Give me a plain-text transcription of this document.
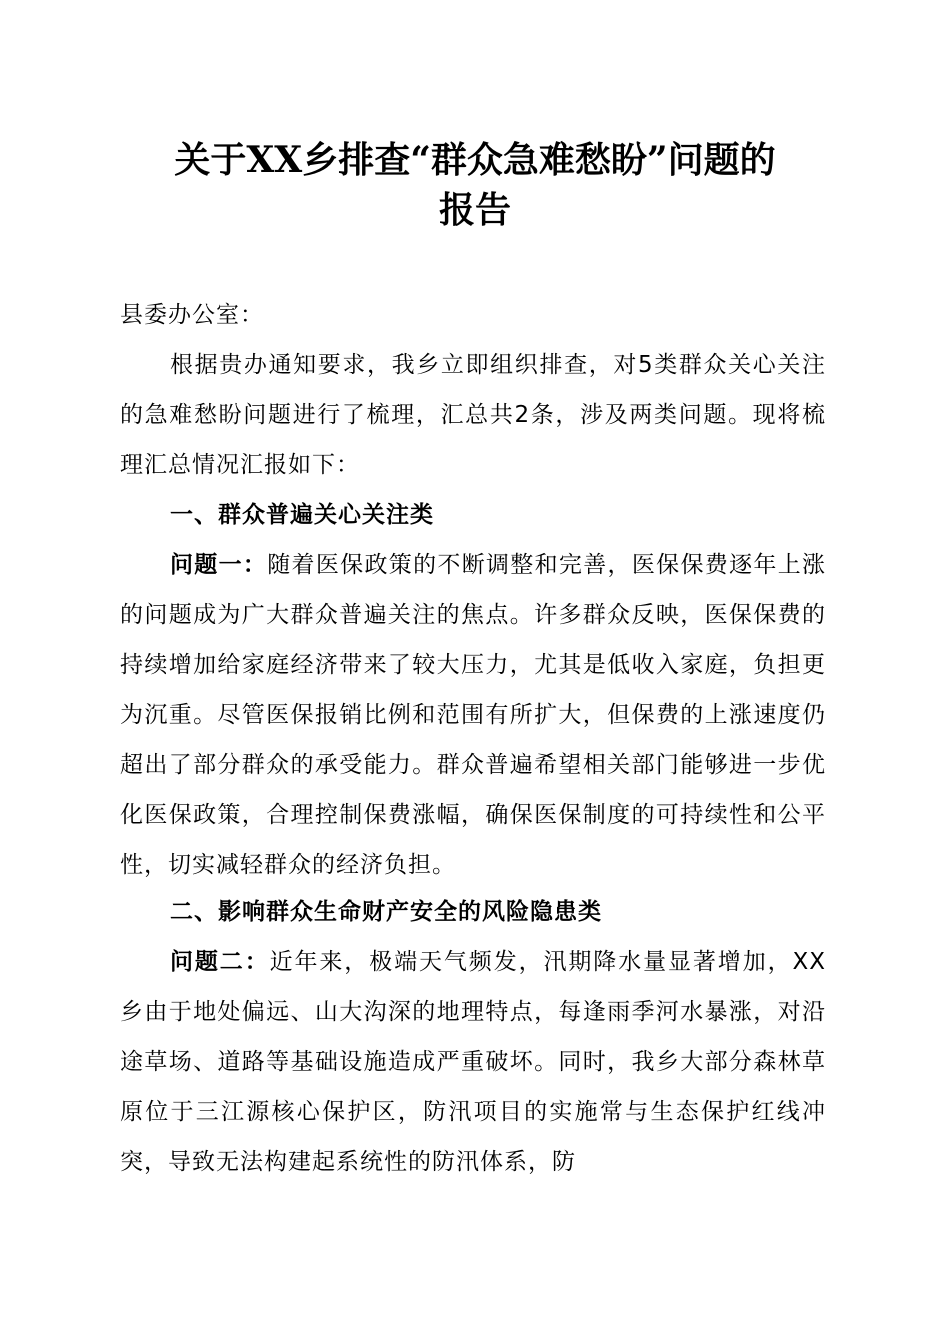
关于XX乡排查“群众急难愁盼”问题的
报告
县委办公室：

根据贵办通知要求，我乡立即组织排查，对5类群众关心关注的急难愁盼问题进行了梳理，汇总共2条，涉及两类问题。现将梳理汇总情况汇报如下：

一、群众普遍关心关注类

问题一：随着医保政策的不断调整和完善，医保保费逐年上涨的问题成为广大群众普遍关注的焦点。许多群众反映，医保保费的持续增加给家庭经济带来了较大压力，尤其是低收入家庭，负担更为沉重。尽管医保报销比例和范围有所扩大，但保费的上涨速度仍超出了部分群众的承受能力。群众普遍希望相关部门能够进一步优化医保政策，合理控制保费涨幅，确保医保制度的可持续性和公平性，切实减轻群众的经济负担。

二、影响群众生命财产安全的风险隐患类

问题二：近年来，极端天气频发，汛期降水量显著增加，XX乡由于地处偏远、山大沟深的地理特点，每逢雨季河水暴涨，对沿途草场、道路等基础设施造成严重破坏。同时，我乡大部分森林草原位于三江源核心保护区，防汛项目的实施常与生态保护红线冲突，导致无法构建起系统性的防汛体系，防
